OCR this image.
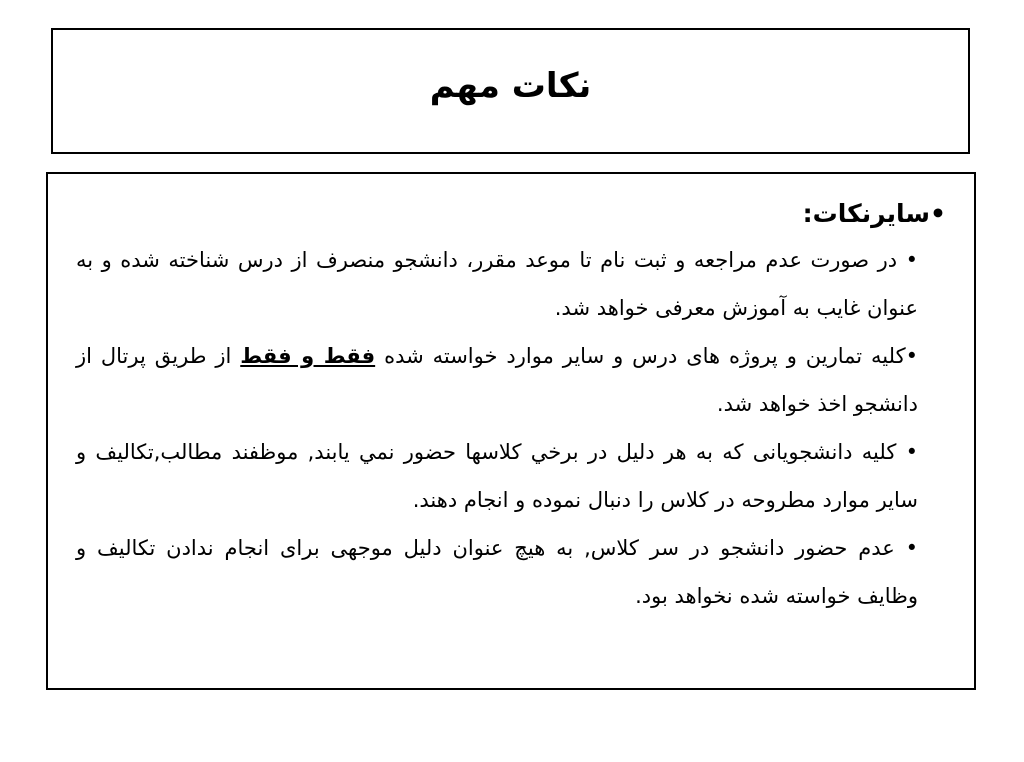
نكات مهم

•سايرنكات:

• در صورت عدم مراجعه و ثبت نام تا موعد مقرر، دانشجو منصرف از درس شناخته شده و به عنوان غایب به آموزش معرفی خواهد شد.

•کلیه تمارین و پروژه های درس و سایر موارد خواسته شده فقط و فقط از طریق پرتال از دانشجو اخذ خواهد شد.

• کلیه دانشجویانی که به هر دلیل در برخي كلاسها حضور نمي يابند, موظفند مطالب,تكاليف و ساير موارد مطروحه در كلاس را دنبال نموده و انجام دهند.

• عدم حضور دانشجو در سر كلاس, به هيچ عنوان دليل موجهی برای انجام ندادن تكاليف و وظايف خواسته شده نخواهد بود.
